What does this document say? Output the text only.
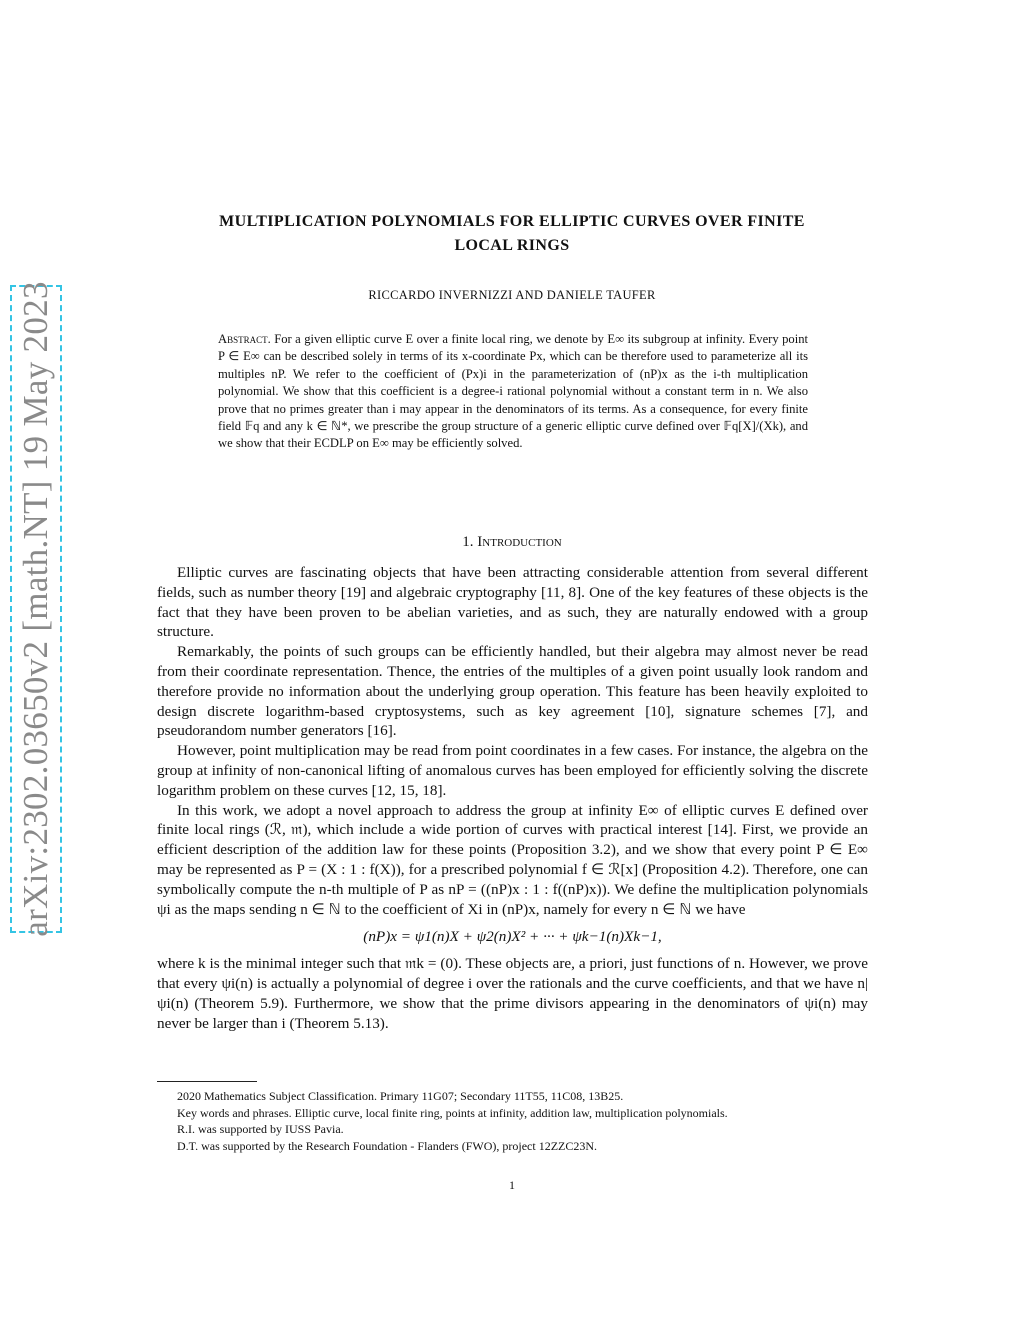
arXiv:2302.03650v2 [math.NT] 19 May 2023
MULTIPLICATION POLYNOMIALS FOR ELLIPTIC CURVES OVER FINITE
LOCAL RINGS
RICCARDO INVERNIZZI AND DANIELE TAUFER
Abstract. For a given elliptic curve E over a finite local ring, we denote by E∞ its subgroup at infinity. Every point P ∈ E∞ can be described solely in terms of its x-coordinate Px, which can be therefore used to parameterize all its multiples nP. We refer to the coefficient of (Px)i in the parameterization of (nP)x as the i-th multiplication polynomial. We show that this coefficient is a degree-i rational polynomial without a constant term in n. We also prove that no primes greater than i may appear in the denominators of its terms. As a consequence, for every finite field 𝔽q and any k ∈ ℕ*, we prescribe the group structure of a generic elliptic curve defined over 𝔽q[X]/(Xk), and we show that their ECDLP on E∞ may be efficiently solved.
1. Introduction

Elliptic curves are fascinating objects that have been attracting considerable attention from several different fields, such as number theory [19] and algebraic cryptography [11, 8]. One of the key features of these objects is the fact that they have been proven to be abelian varieties, and as such, they are naturally endowed with a group structure.

Remarkably, the points of such groups can be efficiently handled, but their algebra may almost never be read from their coordinate representation. Thence, the entries of the multiples of a given point usually look random and therefore provide no information about the underlying group operation. This feature has been heavily exploited to design discrete logarithm-based cryptosystems, such as key agreement [10], signature schemes [7], and pseudorandom number generators [16].

However, point multiplication may be read from point coordinates in a few cases. For instance, the algebra on the group at infinity of non-canonical lifting of anomalous curves has been employed for efficiently solving the discrete logarithm problem on these curves [12, 15, 18].

In this work, we adopt a novel approach to address the group at infinity E∞ of elliptic curves E defined over finite local rings (ℛ, 𝔪), which include a wide portion of curves with practical interest [14]. First, we provide an efficient description of the addition law for these points (Proposition 3.2), and we show that every point P ∈ E∞ may be represented as P = (X : 1 : f(X)), for a prescribed polynomial f ∈ ℛ[x] (Proposition 4.2). Therefore, one can symbolically compute the n-th multiple of P as nP = ((nP)x : 1 : f((nP)x)). We define the multiplication polynomials ψi as the maps sending n ∈ ℕ to the coefficient of Xi in (nP)x, namely for every n ∈ ℕ we have

(nP)x = ψ1(n)X + ψ2(n)X² + ··· + ψk−1(n)Xk−1,

where k is the minimal integer such that 𝔪k = (0). These objects are, a priori, just functions of n. However, we prove that every ψi(n) is actually a polynomial of degree i over the rationals and the curve coefficients, and that we have n|ψi(n) (Theorem 5.9). Furthermore, we show that the prime divisors appearing in the denominators of ψi(n) may never be larger than i (Theorem 5.13).

2020 Mathematics Subject Classification. Primary 11G07; Secondary 11T55, 11C08, 13B25.

Key words and phrases. Elliptic curve, local finite ring, points at infinity, addition law, multiplication polynomials.

R.I. was supported by IUSS Pavia.

D.T. was supported by the Research Foundation - Flanders (FWO), project 12ZZC23N.

1
